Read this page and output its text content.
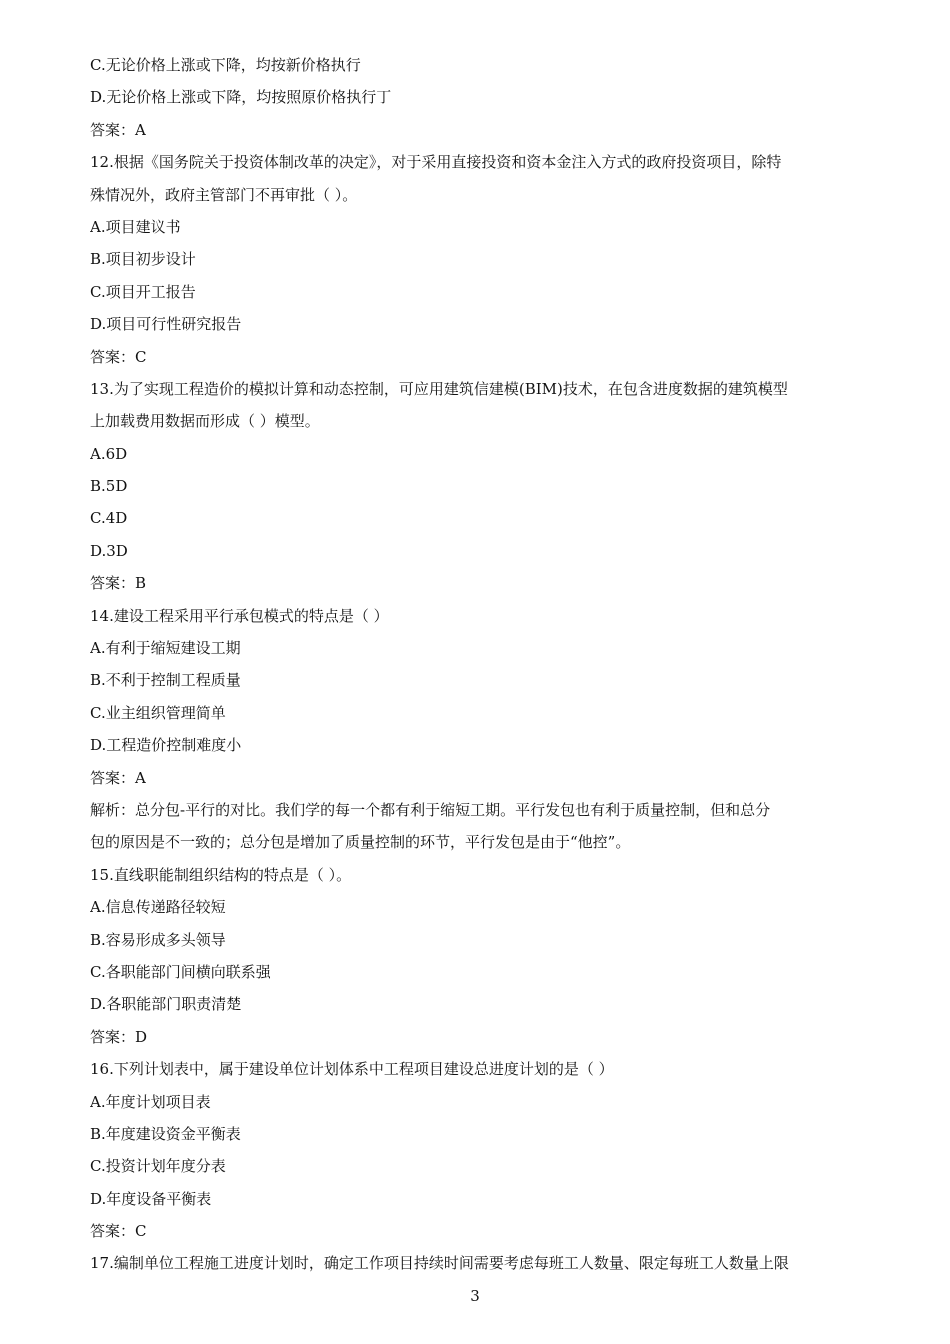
C.无论价格上涨或下降，均按新价格执行
D.无论价格上涨或下降，均按照原价格执行丁
答案：A
12.根据《国务院关于投资体制改革的决定》，对于采用直接投资和资本金注入方式的政府投资项目，除特
殊情况外，政府主管部门不再审批（ ）。
A.项目建议书
B.项目初步设计
C.项目开工报告
D.项目可行性研究报告
答案：C
13.为了实现工程造价的模拟计算和动态控制，可应用建筑信建模(BIM)技术，在包含进度数据的建筑模型
上加载费用数据而形成（ ）模型。
A.6D
B.5D
C.4D
D.3D
答案：B
14.建设工程采用平行承包模式的特点是（ ）
A.有利于缩短建设工期
B.不利于控制工程质量
C.业主组织管理简单
D.工程造价控制难度小
答案：A
解析：总分包-平行的对比。我们学的每一个都有利于缩短工期。平行发包也有利于质量控制，但和总分
包的原因是不一致的；总分包是增加了质量控制的环节，平行发包是由于“他控”。
15.直线职能制组织结构的特点是（ ）。
A.信息传递路径较短
B.容易形成多头领导
C.各职能部门间横向联系强
D.各职能部门职责清楚
答案：D
16.下列计划表中，属于建设单位计划体系中工程项目建设总进度计划的是（ ）
A.年度计划项目表
B.年度建设资金平衡表
C.投资计划年度分表
D.年度设备平衡表
答案：C
17.编制单位工程施工进度计划时，确定工作项目持续时间需要考虑每班工人数量、限定每班工人数量上限
3
